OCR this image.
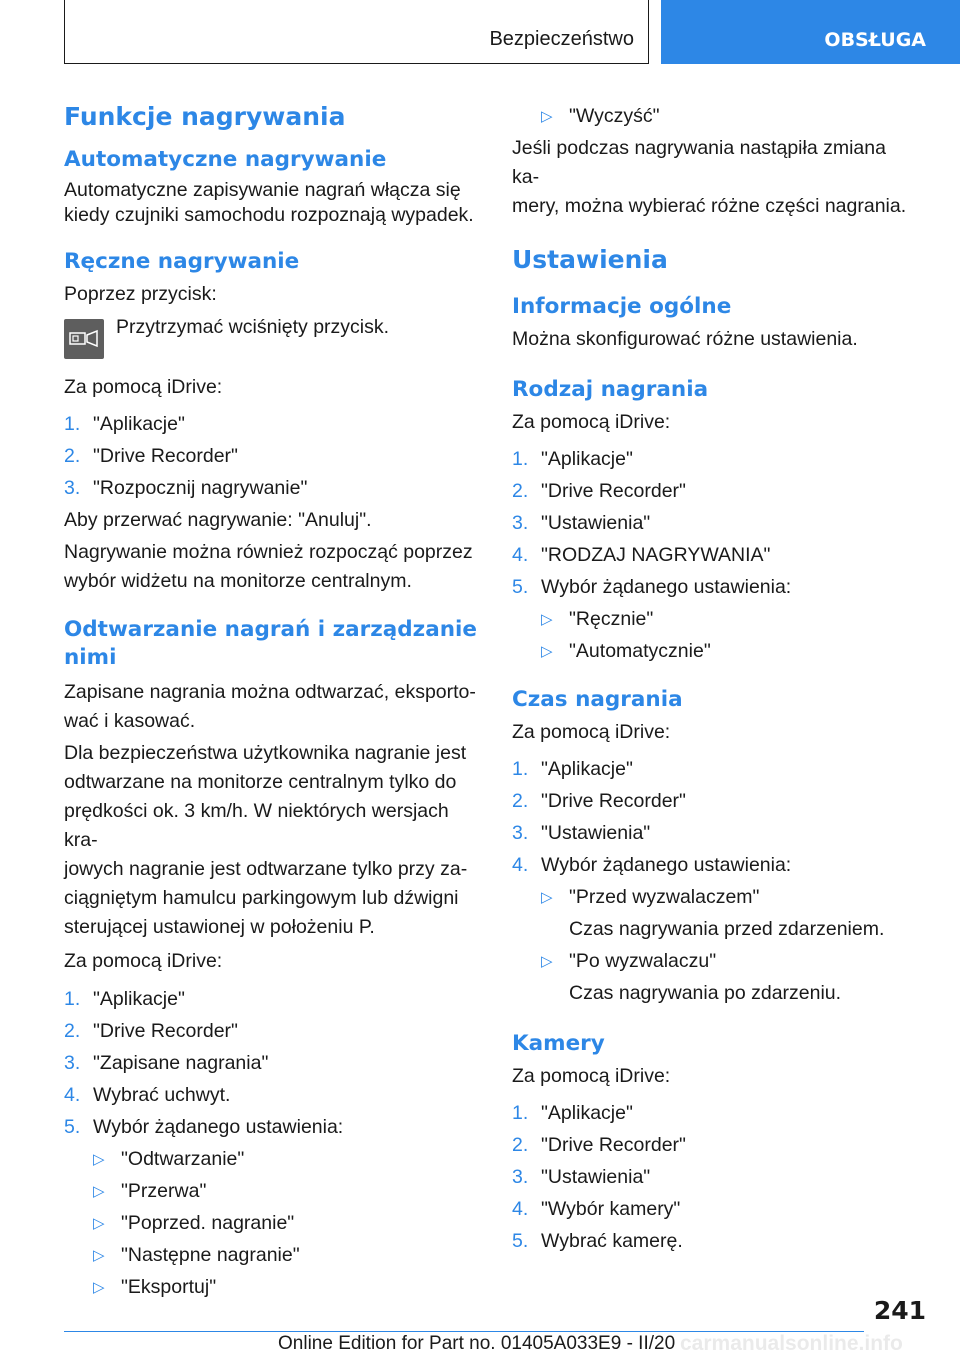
Bezpieczeństwo	OBSŁUGA
Funkcje nagrywania
Automatyczne nagrywanie

Automatyczne zapisywanie nagrań włącza się

kiedy czujniki samochodu rozpoznają wypadek.

Ręczne nagrywanie

Poprzez przycisk:

Przytrzymać wciśnięty przycisk.

Za pomocą iDrive:

1. "Aplikacje"
2. "Drive Recorder"
3. "Rozpocznij nagrywanie"

Aby przerwać nagrywanie: "Anuluj".

Nagrywanie można również rozpocząć poprzez

wybór widżetu na monitorze centralnym.

Odtwarzanie nagrań i zarządzanie
nimi

Zapisane nagrania można odtwarzać, eksporto-

wać i kasować.

Dla bezpieczeństwa użytkownika nagranie jest

odtwarzane na monitorze centralnym tylko do

prędkości ok. 3 km/h. W niektórych wersjach kra-

jowych nagranie jest odtwarzane tylko przy za-

ciągniętym hamulcu parkingowym lub dźwigni

sterującej ustawionej w położeniu P.

Za pomocą iDrive:

1. "Aplikacje"
2. "Drive Recorder"
3. "Zapisane nagrania"
4. Wybrać uchwyt.
5. Wybór żądanego ustawienia:
▷ "Odtwarzanie"
▷ "Przerwa"
▷ "Poprzed. nagranie"
▷ "Następne nagranie"
▷ "Eksportuj"
▷ "Wyczyść"

Jeśli podczas nagrywania nastąpiła zmiana ka-

mery, można wybierać różne części nagrania.

Ustawienia
Informacje ogólne

Można skonfigurować różne ustawienia.

Rodzaj nagrania

Za pomocą iDrive:

1. "Aplikacje"
2. "Drive Recorder"
3. "Ustawienia"
4. "RODZAJ NAGRYWANIA"
5. Wybór żądanego ustawienia:
▷ "Ręcznie"
▷ "Automatycznie"
Czas nagrania

Za pomocą iDrive:

1. "Aplikacje"
2. "Drive Recorder"
3. "Ustawienia"
4. Wybór żądanego ustawienia:
▷ "Przed wyzwalaczem"
Czas nagrywania przed zdarzeniem.
▷ "Po wyzwalaczu"
Czas nagrywania po zdarzeniu.
Kamery

Za pomocą iDrive:

1. "Aplikacje"
2. "Drive Recorder"
3. "Ustawienia"
4. "Wybór kamery"
5. Wybrać kamerę.
241
Online Edition for Part no. 01405A033E9 - II/20 carmanualsonline.info
